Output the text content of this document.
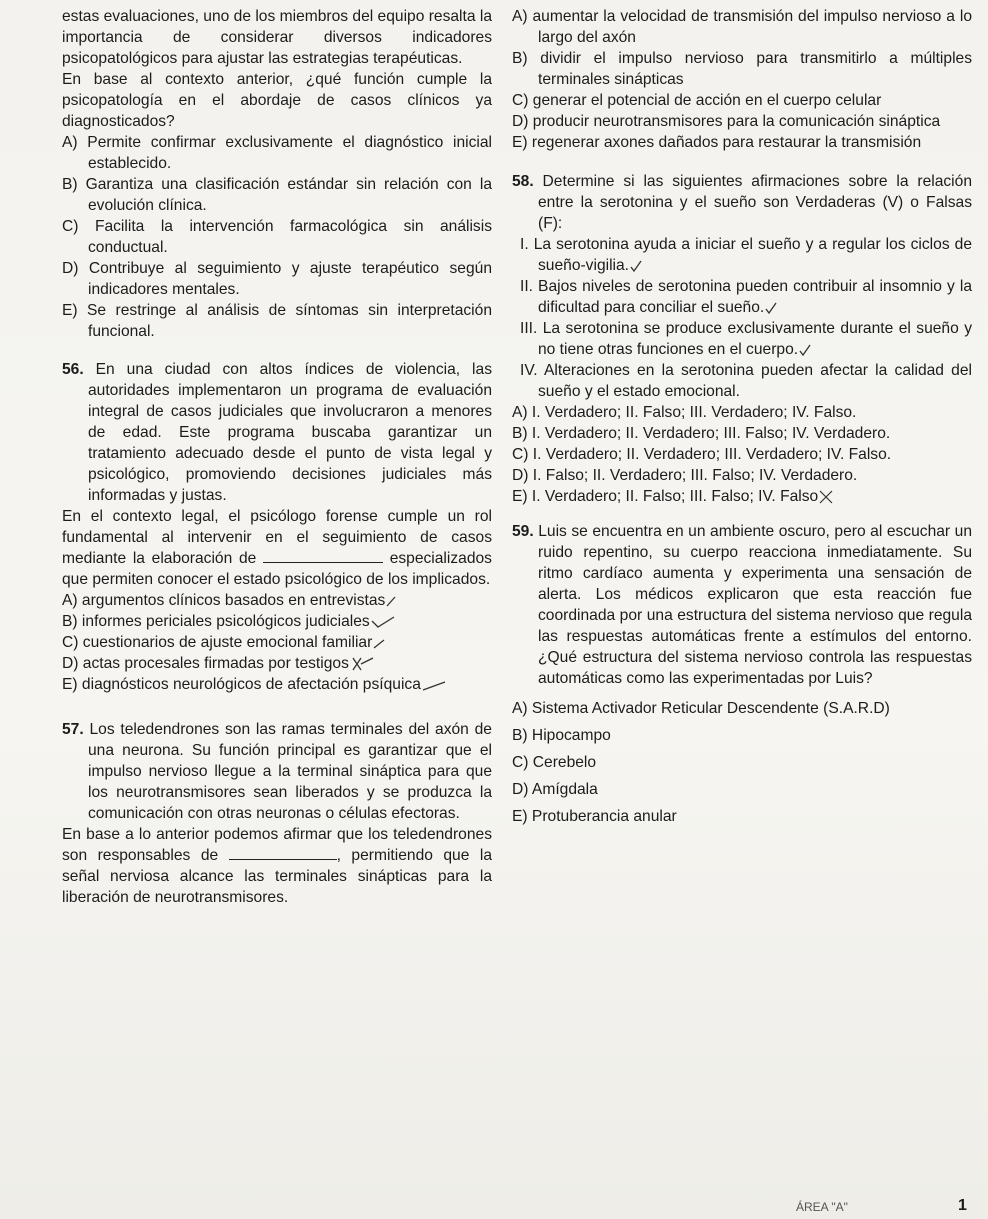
estas evaluaciones, uno de los miembros del equipo resalta la importancia de considerar diversos indicadores psicopatológicos para ajustar las estrategias terapéuticas.

En base al contexto anterior, ¿qué función cumple la psicopatología en el abordaje de casos clínicos ya diagnosticados?

A) Permite confirmar exclusivamente el diagnóstico inicial establecido.
B) Garantiza una clasificación estándar sin relación con la evolución clínica.
C) Facilita la intervención farmacológica sin análisis conductual.
D) Contribuye al seguimiento y ajuste terapéutico según indicadores mentales.
E) Se restringe al análisis de síntomas sin interpretación funcional.

56. En una ciudad con altos índices de violencia, las autoridades implementaron un programa de evaluación integral de casos judiciales que involucraron a menores de edad. Este programa buscaba garantizar un tratamiento adecuado desde el punto de vista legal y psicológico, promoviendo decisiones judiciales más informadas y justas.

En el contexto legal, el psicólogo forense cumple un rol fundamental al intervenir en el seguimiento de casos mediante la elaboración de	especializados que permiten conocer el estado psicológico de los implicados.

A) argumentos clínicos basados en entrevistas
B) informes periciales psicológicos judiciales
C) cuestionarios de ajuste emocional familiar
D) actas procesales firmadas por testigos
E) diagnósticos neurológicos de afectación psíquica

57. Los teledendrones son las ramas terminales del axón de una neurona. Su función principal es garantizar que el impulso nervioso llegue a la terminal sináptica para que los neurotransmisores sean liberados y se produzca la comunicación con otras neuronas o células efectoras.

En base a lo anterior podemos afirmar que los teledendrones son responsables de	, permitiendo que la señal nerviosa alcance las terminales sinápticas para la liberación de neurotransmisores.

A) aumentar la velocidad de transmisión del impulso nervioso a lo largo del axón
B) dividir el impulso nervioso para transmitirlo a múltiples terminales sinápticas
C) generar el potencial de acción en el cuerpo celular
D) producir neurotransmisores para la comunicación sináptica
E) regenerar axones dañados para restaurar la transmisión

58. Determine si las siguientes afirmaciones sobre la relación entre la serotonina y el sueño son Verdaderas (V) o Falsas (F):

I. La serotonina ayuda a iniciar el sueño y a regular los ciclos de sueño-vigilia.
II. Bajos niveles de serotonina pueden contribuir al insomnio y la dificultad para conciliar el sueño.
III. La serotonina se produce exclusivamente durante el sueño y no tiene otras funciones en el cuerpo.
IV. Alteraciones en la serotonina pueden afectar la calidad del sueño y el estado emocional.
A) I. Verdadero; II. Falso; III. Verdadero; IV. Falso.
B) I. Verdadero; II. Verdadero; III. Falso; IV. Verdadero.
C) I. Verdadero; II. Verdadero; III. Verdadero; IV. Falso.
D) I. Falso; II. Verdadero; III. Falso; IV. Verdadero.
E) I. Verdadero; II. Falso; III. Falso; IV. Falso

59. Luis se encuentra en un ambiente oscuro, pero al escuchar un ruido repentino, su cuerpo reacciona inmediatamente. Su ritmo cardíaco aumenta y experimenta una sensación de alerta. Los médicos explicaron que esta reacción fue coordinada por una estructura del sistema nervioso que regula las respuestas automáticas frente a estímulos del entorno. ¿Qué estructura del sistema nervioso controla las respuestas automáticas como las experimentadas por Luis?

A) Sistema Activador Reticular Descendente (S.A.R.D)
B) Hipocampo
C) Cerebelo
D) Amígdala
E) Protuberancia anular
ÁREA "A"	1
